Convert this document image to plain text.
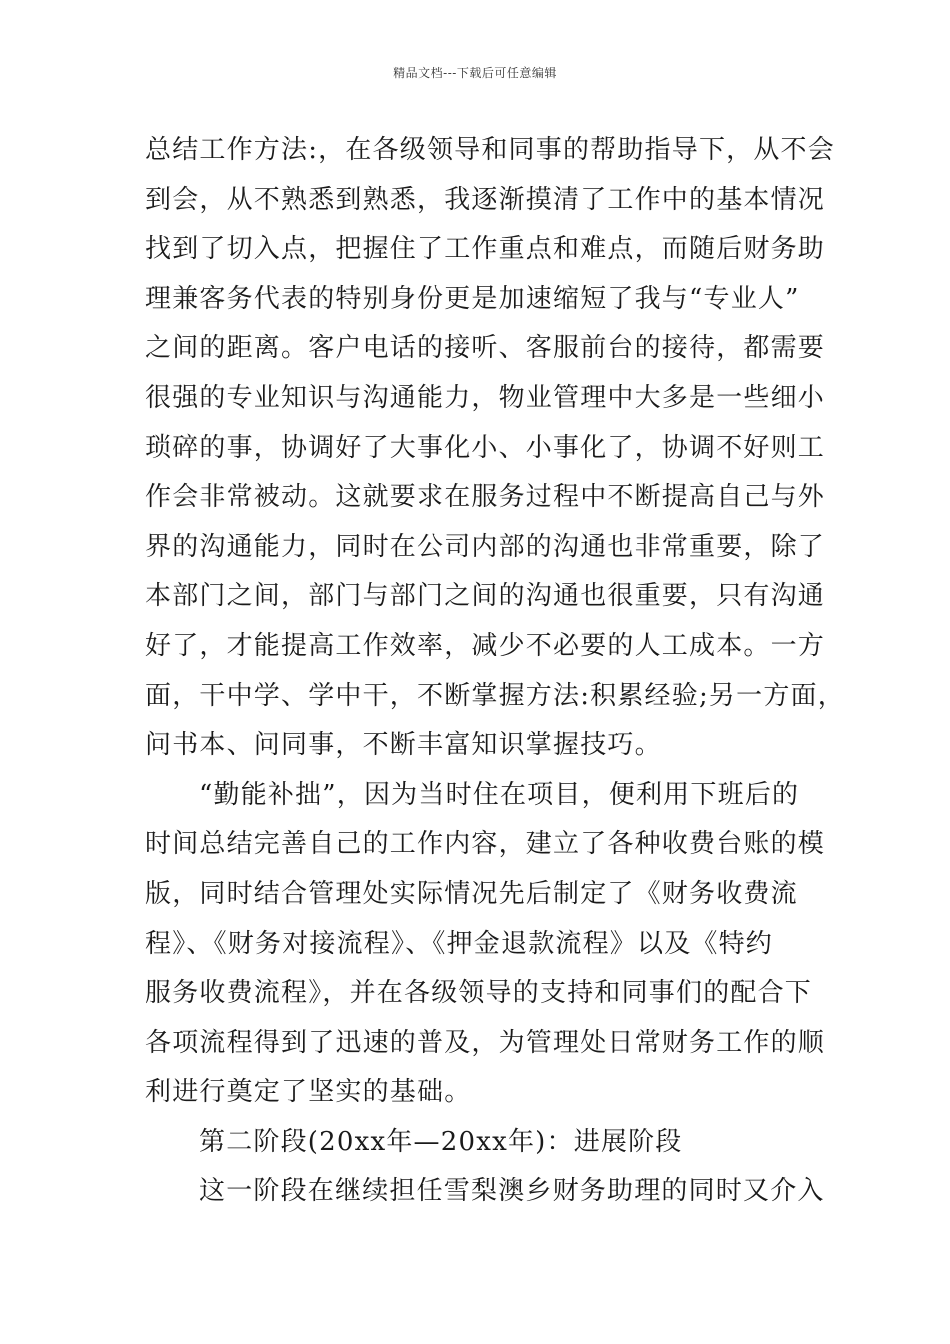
精品文档---下载后可任意编辑
总结工作方法:，在各级领导和同事的帮助指导下，从不会
到会，从不熟悉到熟悉，我逐渐摸清了工作中的基本情况
找到了切入点，把握住了工作重点和难点，而随后财务助
理兼客务代表的特别身份更是加速缩短了我与“专业人”
之间的距离。客户电话的接听、客服前台的接待，都需要
很强的专业知识与沟通能力，物业管理中大多是一些细小
琐碎的事，协调好了大事化小、小事化了，协调不好则工
作会非常被动。这就要求在服务过程中不断提高自己与外
界的沟通能力，同时在公司内部的沟通也非常重要，除了
本部门之间，部门与部门之间的沟通也很重要，只有沟通
好了，才能提高工作效率，减少不必要的人工成本。一方
面，干中学、学中干，不断掌握方法:积累经验;另一方面，
问书本、问同事，不断丰富知识掌握技巧。
“勤能补拙”，因为当时住在项目，便利用下班后的
时间总结完善自己的工作内容，建立了各种收费台账的模
版，同时结合管理处实际情况先后制定了《财务收费流
程》、《财务对接流程》、《押金退款流程》以及《特约
服务收费流程》，并在各级领导的支持和同事们的配合下
各项流程得到了迅速的普及，为管理处日常财务工作的顺
利进行奠定了坚实的基础。
第二阶段(20xx年—20xx年)：进展阶段
这一阶段在继续担任雪梨澳乡财务助理的同时又介入
